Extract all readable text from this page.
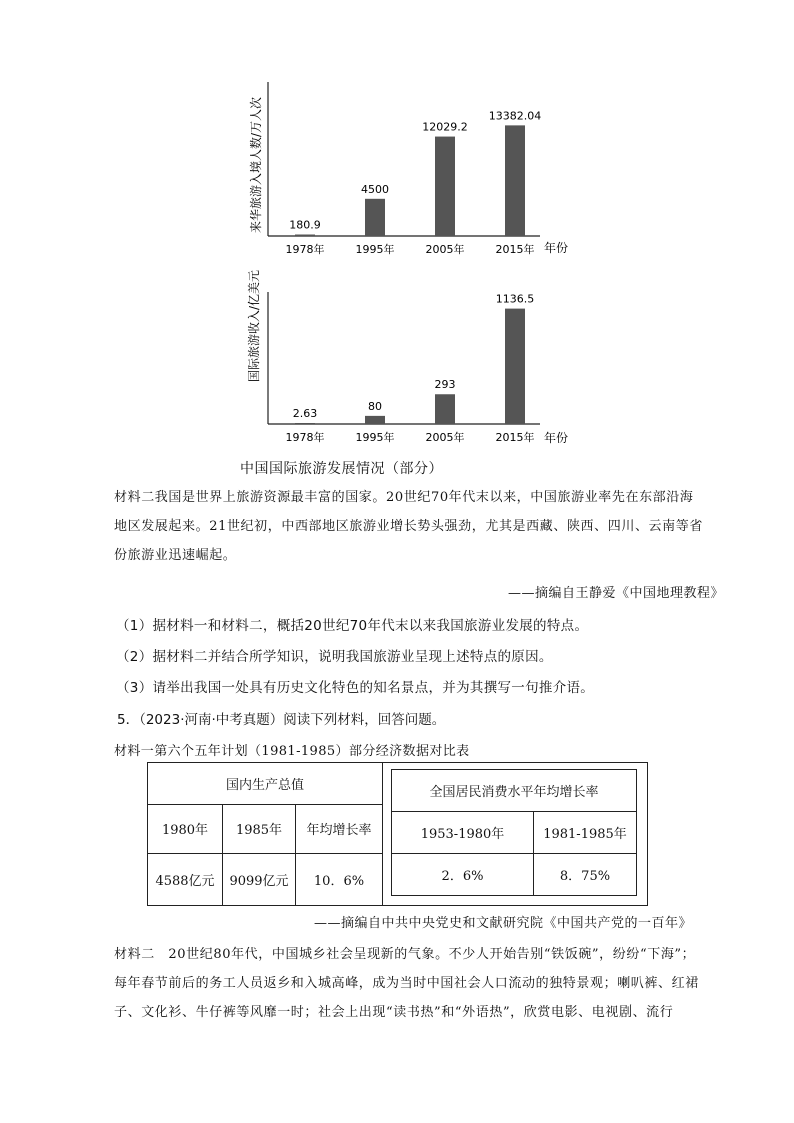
来华旅游入境人数/万人次 180.9
1978年
4500
1995年
12029.2
2005年
13382.04
2015年 年份
国际旅游收入/亿美元
2.63
1978年
80
1995年
293
2005年
1136.5
2015年 年份
中国国际旅游发展情况（部分）
材料二我国是世界上旅游资源最丰富的国家。20世纪70年代末以来，中国旅游业率先在东部沿海
地区发展起来。21世纪初，中西部地区旅游业增长势头强劲，尤其是西藏、陕西、四川、云南等省
份旅游业迅速崛起。
——摘编自王静爱《中国地理教程》
（1）据材料一和材料二，概括20世纪70年代末以来我国旅游业发展的特点。
（2）据材料二并结合所学知识，说明我国旅游业呈现上述特点的原因。
（3）请举出我国一处具有历史文化特色的知名景点，并为其撰写一句推介语。
5．（2023·河南·中考真题）阅读下列材料，回答问题。
材料一第六个五年计划（1981-1985）部分经济数据对比表
国内生产总值		
1980年	1985年	年均增长率
4588亿元	9099亿元	10．6%
全国居民消费水平年均增长率	
1953-1980年	1981-1985年
2．6%	8．75%
——摘编自中共中央党史和文献研究院《中国共产党的一百年》
材料二　20世纪80年代，中国城乡社会呈现新的气象。不少人开始告别“铁饭碗”，纷纷“下海”；
每年春节前后的务工人员返乡和入城高峰，成为当时中国社会人口流动的独特景观；喇叭裤、红裙
子、文化衫、牛仔裤等风靡一时；社会上出现“读书热”和“外语热”，欣赏电影、电视剧、流行
